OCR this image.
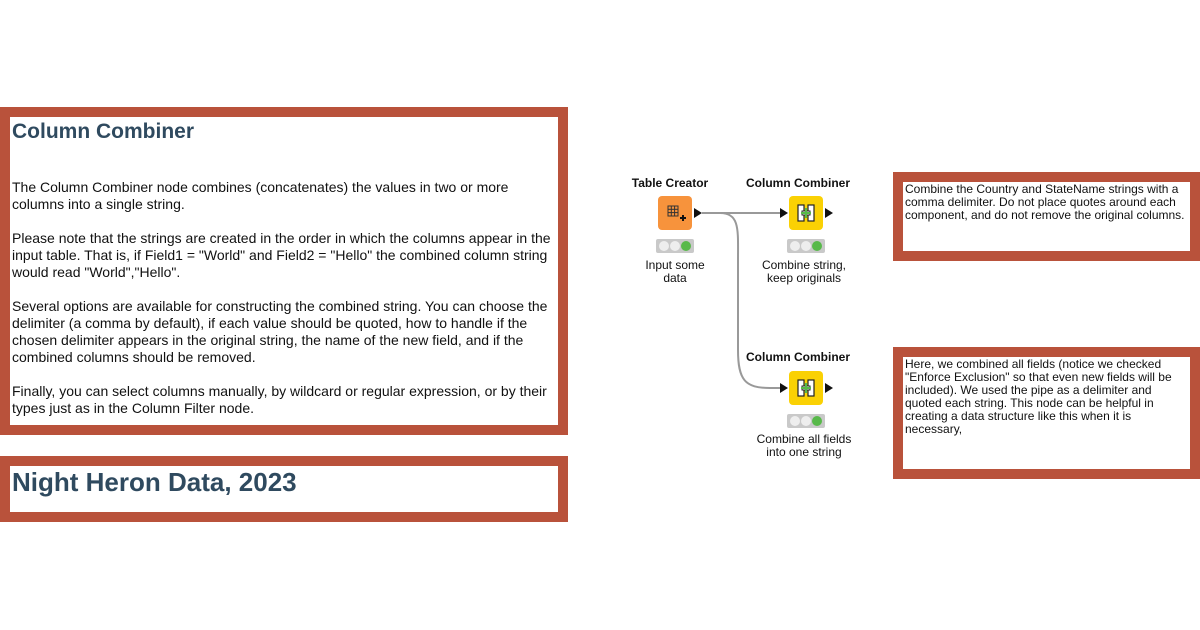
Column Combiner

The Column Combiner node combines (concatenates) the values in two or more columns into a single string.

Please note that the strings are created in the order in which the columns appear in the input table. That is, if Field1 = "World" and Field2 = "Hello" the combined column string would read "World","Hello".

Several options are available for constructing the combined string. You can choose the delimiter (a comma by default), if each value should be quoted, how to handle if the chosen delimiter appears in the original string, the name of the new field, and if the combined columns should be removed.

Finally, you can select columns manually, by wildcard or regular expression, or by their types just as in the Column Filter node.

Night Heron Data, 2023

Combine the Country and StateName strings with a comma delimiter. Do not place quotes around each component, and do not remove the original columns.

Here, we combined all fields (notice we checked "Enforce Exclusion" so that even new fields will be included). We used the pipe as a delimiter and quoted each string. This node can be helpful in creating a data structure like this when it is necessary,

Table Creator
Input some data
Column Combiner
Combine string, keep originals
Column Combiner
Combine all fields into one string
